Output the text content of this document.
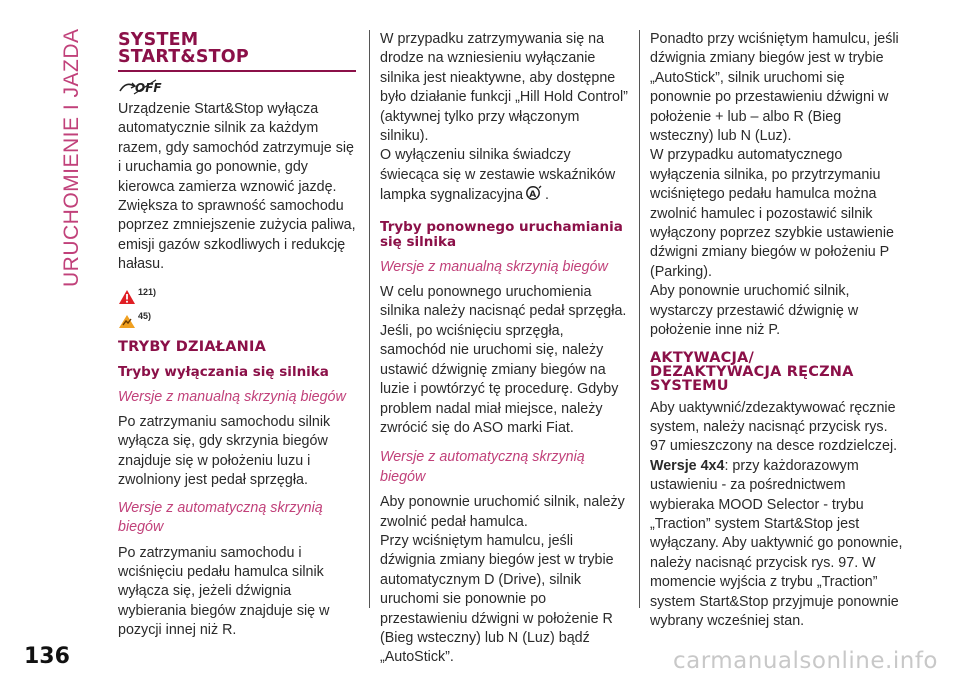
URUCHOMIENIE I JAZDA	SYSTEM
START&STOP
OFF

Urządzenie Start&Stop wyłącza automatycznie silnik za każdym razem, gdy samochód zatrzymuje się i uruchamia go ponownie, gdy kierowca zamierza wznowić jazdę.

Zwiększa to sprawność samochodu poprzez zmniejszenie zużycia paliwa, emisji gazów szkodliwych i redukcję hałasu.

121)
45)
TRYBY DZIAŁANIA
Tryby wyłączania się silnika
Wersje z manualną skrzynią biegów

Po zatrzymaniu samochodu silnik wyłącza się, gdy skrzynia biegów znajduje się w położeniu luzu i zwolniony jest pedał sprzęgła.

Wersje z automatyczną skrzynią biegów

Po zatrzymaniu samochodu i wciśnięciu pedału hamulca silnik wyłącza się, jeżeli dźwignia wybierania biegów znajduje się w pozycji innej niż R.

W przypadku zatrzymywania się na drodze na wzniesieniu wyłączanie silnika jest nieaktywne, aby dostępne było działanie funkcji „Hill Hold Control” (aktywnej tylko przy włączonym silniku).

O wyłączeniu silnika świadczy świecąca się w zestawie wskaźników lampka sygnalizacyjna A .

Tryby ponownego uruchamiania się silnika
Wersje z manualną skrzynią biegów

W celu ponownego uruchomienia silnika należy nacisnąć pedał sprzęgła. Jeśli, po wciśnięciu sprzęgła, samochód nie uruchomi się, należy ustawić dźwignię zmiany biegów na luzie i powtórzyć tę procedurę. Gdyby problem nadal miał miejsce, należy zwrócić się do ASO marki Fiat.

Wersje z automatyczną skrzynią biegów

Aby ponownie uruchomić silnik, należy zwolnić pedał hamulca.

Przy wciśniętym hamulcu, jeśli dźwignia zmiany biegów jest w trybie automatycznym D (Drive), silnik uruchomi sie ponownie po przestawieniu dźwigni w położenie R (Bieg wsteczny) lub N (Luz) bądź „AutoStick”.

Ponadto przy wciśniętym hamulcu, jeśli dźwignia zmiany biegów jest w trybie „AutoStick”, silnik uruchomi się ponownie po przestawieniu dźwigni w położenie + lub – albo R (Bieg wsteczny) lub N (Luz).

W przypadku automatycznego wyłączenia silnika, po przytrzymaniu wciśniętego pedału hamulca można zwolnić hamulec i pozostawić silnik wyłączony poprzez szybkie ustawienie dźwigni zmiany biegów w położeniu P (Parking).

Aby ponownie uruchomić silnik, wystarczy przestawić dźwignię w położenie inne niż P.

AKTYWACJA/
DEZAKTYWACJA RĘCZNA
SYSTEMU

Aby uaktywnić/zdezaktywować ręcznie system, należy nacisnąć przycisk rys. 97 umieszczony na desce rozdzielczej.

Wersje 4x4: przy każdorazowym ustawieniu - za pośrednictwem wybieraka MOOD Selector - trybu „Traction” system Start&Stop jest wyłączany. Aby uaktywnić go ponownie, należy nacisnąć przycisk rys. 97. W momencie wyjścia z trybu „Traction” system Start&Stop przyjmuje ponownie wybrany wcześniej stan.

136	carmanualsonline.info
